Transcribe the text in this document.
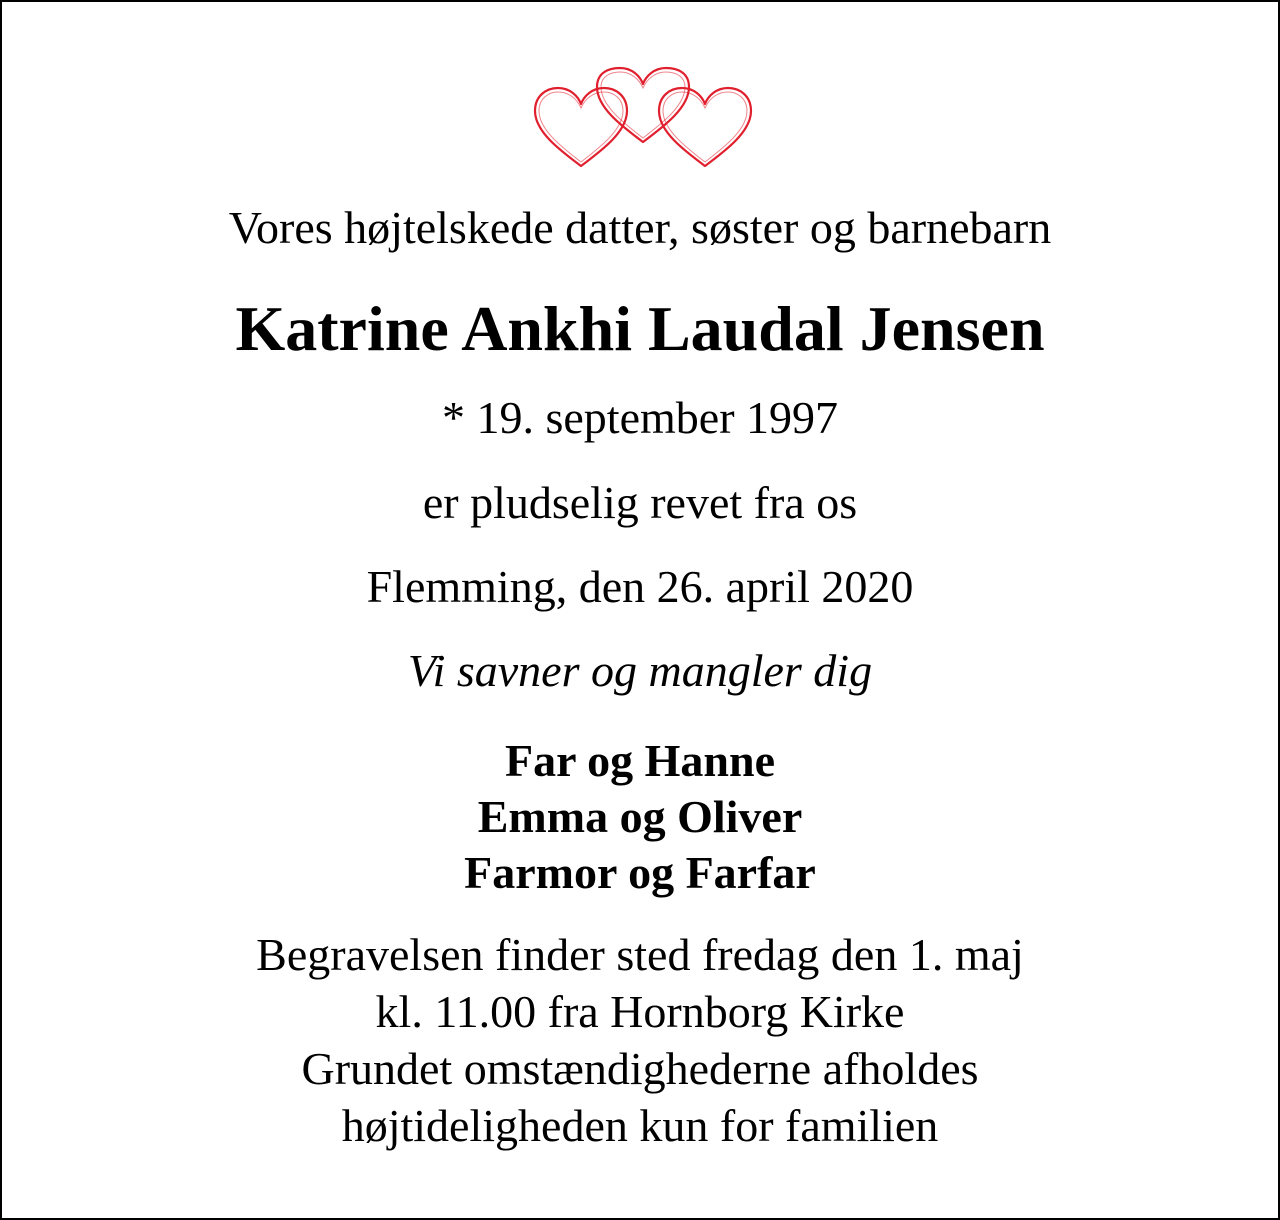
Vores højtelskede datter, søster og barnebarn
Katrine Ankhi Laudal Jensen
* 19. september 1997
er pludselig revet fra os
Flemming, den 26. april 2020
Vi savner og mangler dig
Far og Hanne
Emma og Oliver
Farmor og Farfar
Begravelsen finder sted fredag den 1. maj
kl. 11.00 fra Hornborg Kirke
Grundet omstændighederne afholdes
højtideligheden kun for familien
